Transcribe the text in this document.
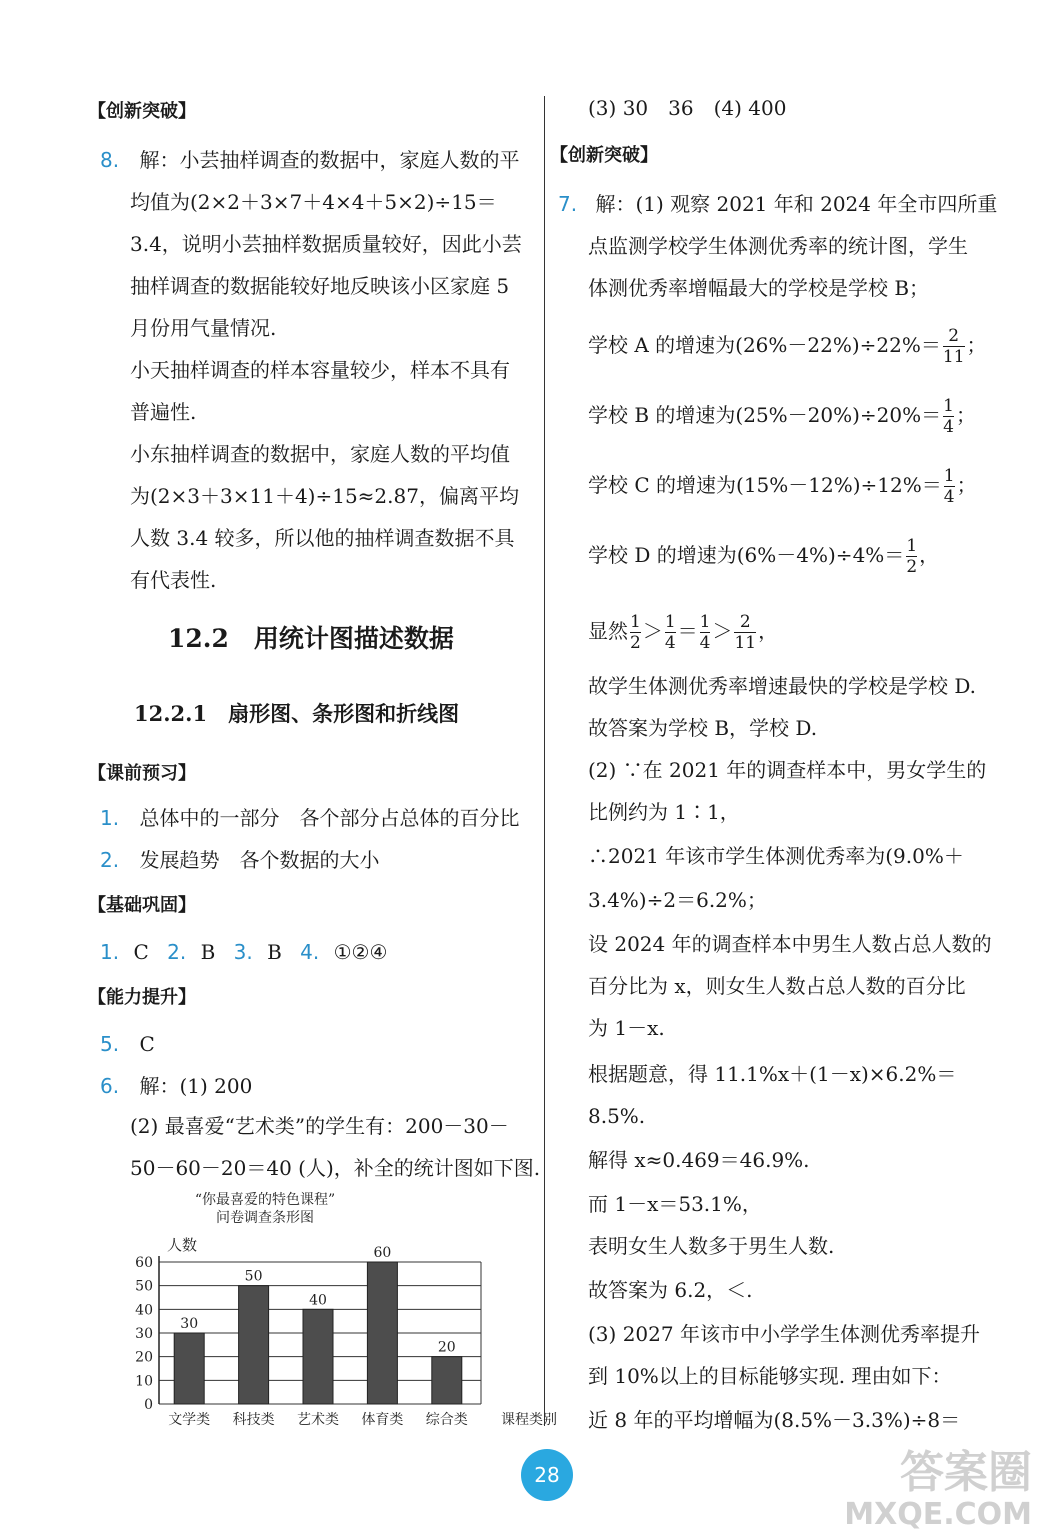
【创新突破】
8. 解：小芸抽样调查的数据中，家庭人数的平
均值为(2×2＋3×7＋4×4＋5×2)÷15＝
3.4，说明小芸抽样数据质量较好，因此小芸
抽样调查的数据能较好地反映该小区家庭 5
月份用气量情况.
小天抽样调查的样本容量较少，样本不具有
普遍性.
小东抽样调查的数据中，家庭人数的平均值
为(2×3＋3×11＋4)÷15≈2.87，偏离平均
人数 3.4 较多，所以他的抽样调查数据不具
有代表性.
12.2　用统计图描述数据
12.2.1　扇形图、条形图和折线图
【课前预习】
1. 总体中的一部分　各个部分占总体的百分比
2. 发展趋势　各个数据的大小
【基础巩固】
1. C 2. B 3. B 4. ①②④
【能力提升】
5. C
6. 解：(1) 200
(2) 最喜爱“艺术类”的学生有：200－30－
50－60－20＝40 (人)，补全的统计图如下图.
“你最喜爱的特色课程”
问卷调查条形图
人数
0
10
20
30
40
50
60
30
文学类
50
科技类
40
艺术类
60
体育类
20
综合类 课程类别
(3) 30　36　(4) 400
【创新突破】
7. 解：(1) 观察 2021 年和 2024 年全市四所重
点监测学校学生体测优秀率的统计图，学生
体测优秀率增幅最大的学校是学校 B；
学校 A 的增速为$(26\%-22\%)\div 22\%= \frac{2}{11}$ ；
学校 B 的增速为$(25\%-20\%)\div 20\%= \frac{1}{4}$ ；
学校 C 的增速为$(15\%-12\%)\div 12\%= \frac{1}{4}$ ；
学校 D 的增速为$(6\%-4\%)\div 4\%= \frac{1}{2}$ ，
显然 $\frac{1}{2} > \frac{1}{4} = \frac{1}{4} > \frac{2}{11}$ ，
故学生体测优秀率增速最快的学校是学校 D.
故答案为学校 B，学校 D.
(2) ∵在 2021 年的调查样本中，男女学生的
比例约为 1∶1，
∴2021 年该市学生体测优秀率为(9.0%＋
3.4%)÷2＝6.2%；
设 2024 年的调查样本中男生人数占总人数的
百分比为 x，则女生人数占总人数的百分比
为 1－x.
根据题意，得 11.1%x＋(1－x)×6.2%＝
8.5%.
解得 x≈0.469＝46.9%.
而 1－x＝53.1%，
表明女生人数多于男生人数.
故答案为 6.2，＜.
(3) 2027 年该市中小学学生体测优秀率提升
到 10%以上的目标能够实现. 理由如下：
近 8 年的平均增幅为(8.5%－3.3%)÷8＝
28	答案圈
MXQE.COM
